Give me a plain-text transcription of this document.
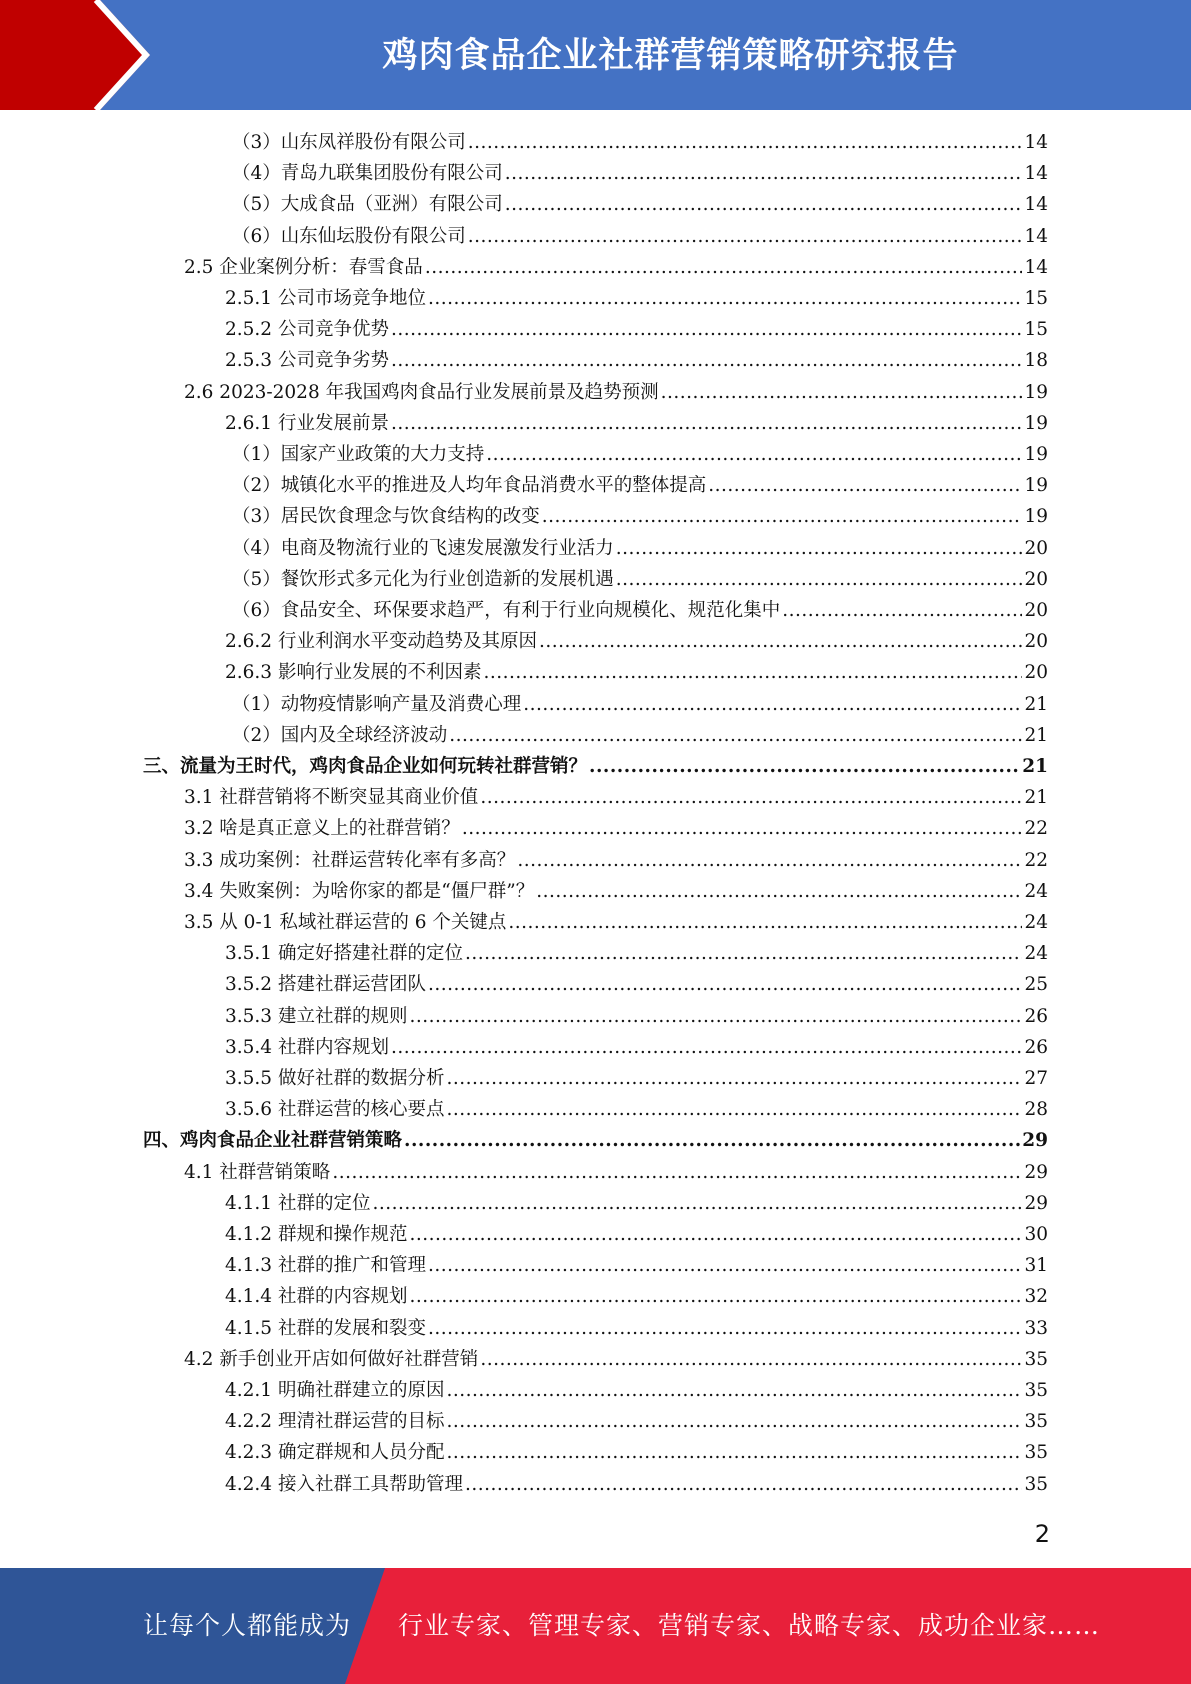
鸡肉食品企业社群营销策略研究报告
（3）山东凤祥股份有限公司 .....	14
（4）青岛九联集团股份有限公司 .....	14
（5）大成食品（亚洲）有限公司 .....	14
（6）山东仙坛股份有限公司 .....	14
2.5 企业案例分析：春雪食品 .....	14
2.5.1 公司市场竞争地位 .....	15
2.5.2 公司竞争优势 .....	15
2.5.3 公司竞争劣势 .....	18
2.6 2023-2028 年我国鸡肉食品行业发展前景及趋势预测 .....	19
2.6.1 行业发展前景 .....	19
（1）国家产业政策的大力支持 .....	19
（2）城镇化水平的推进及人均年食品消费水平的整体提高 .....	19
（3）居民饮食理念与饮食结构的改变 .....	19
（4）电商及物流行业的飞速发展激发行业活力 .....	20
（5）餐饮形式多元化为行业创造新的发展机遇 .....	20
（6）食品安全、环保要求趋严，有利于行业向规模化、规范化集中 .....	20
2.6.2 行业利润水平变动趋势及其原因 .....	20
2.6.3 影响行业发展的不利因素 .....	20
（1）动物疫情影响产量及消费心理 .....	21
（2）国内及全球经济波动 .....	21
三、流量为王时代，鸡肉食品企业如何玩转社群营销？ .....	21
3.1 社群营销将不断突显其商业价值 .....	21
3.2 啥是真正意义上的社群营销？ .....	22
3.3 成功案例：社群运营转化率有多高？ .....	22
3.4 失败案例：为啥你家的都是“僵尸群”？ .....	24
3.5 从 0-1 私域社群运营的 6 个关键点 .....	24
3.5.1 确定好搭建社群的定位 .....	24
3.5.2 搭建社群运营团队 .....	25
3.5.3 建立社群的规则 .....	26
3.5.4 社群内容规划 .....	26
3.5.5 做好社群的数据分析 .....	27
3.5.6 社群运营的核心要点 .....	28
四、鸡肉食品企业社群营销策略 .....	29
4.1 社群营销策略 .....	29
4.1.1 社群的定位 .....	29
4.1.2 群规和操作规范 .....	30
4.1.3 社群的推广和管理 .....	31
4.1.4 社群的内容规划 .....	32
4.1.5 社群的发展和裂变 .....	33
4.2 新手创业开店如何做好社群营销 .....	35
4.2.1 明确社群建立的原因 .....	35
4.2.2 理清社群运营的目标 .....	35
4.2.3 确定群规和人员分配 .....	35
4.2.4 接入社群工具帮助管理 .....	35
2
让每个人都能成为 行业专家、管理专家、营销专家、战略专家、成功企业家……
